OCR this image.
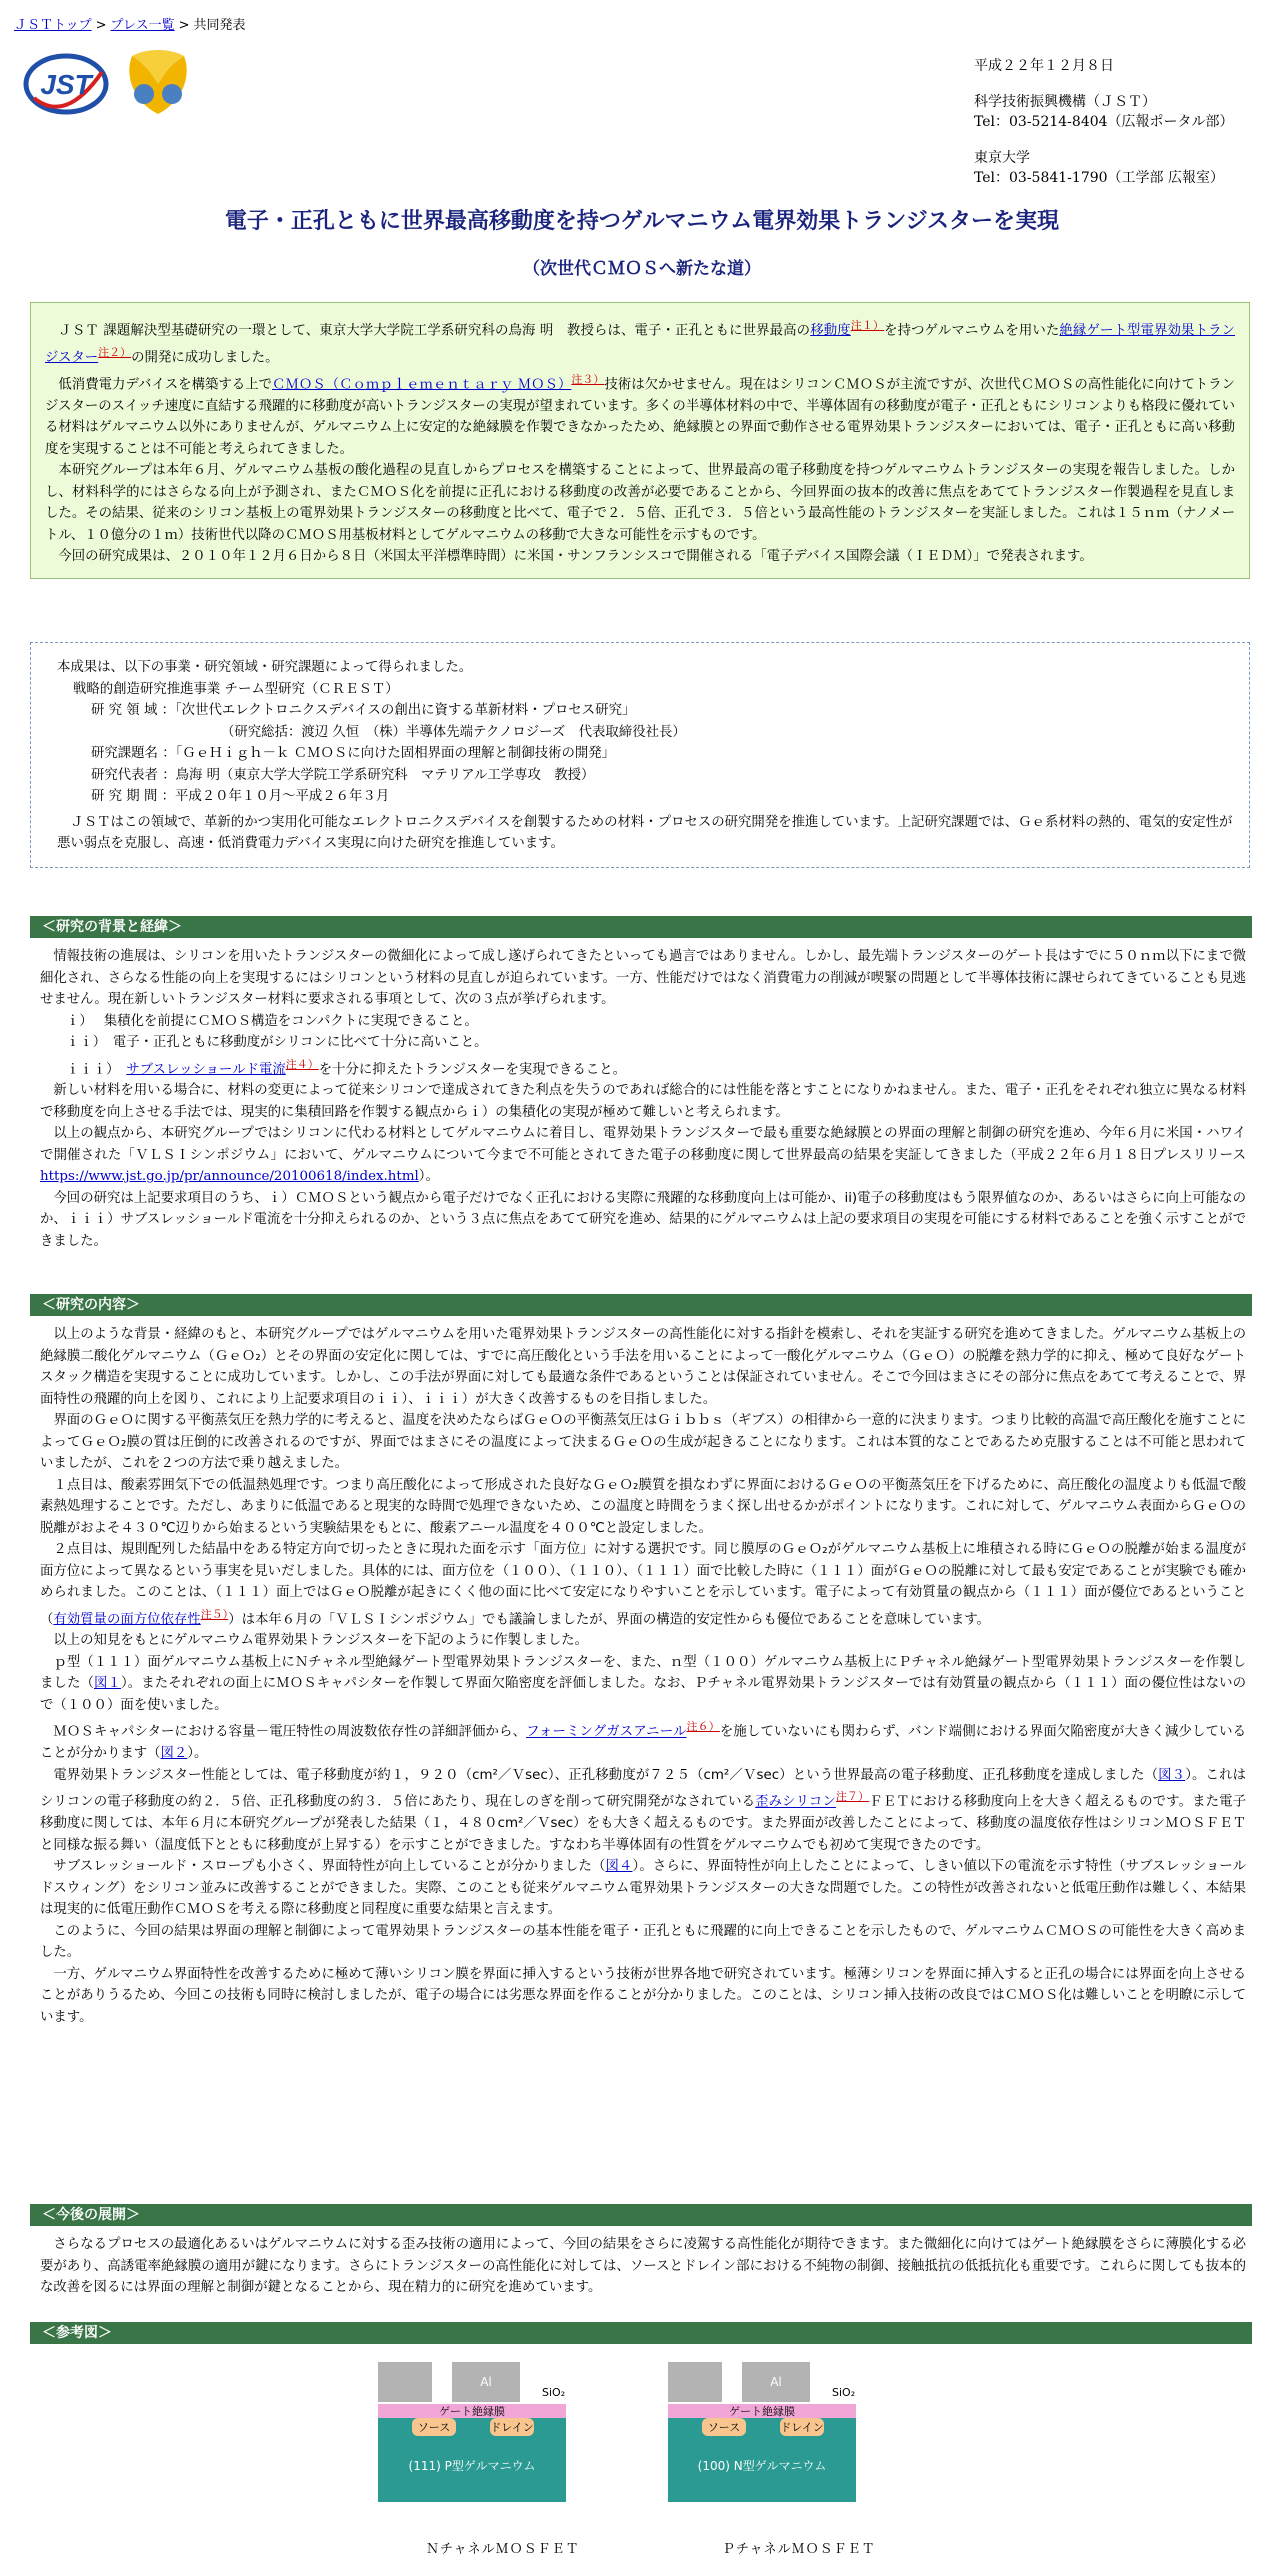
ＪＳＴトップ > プレス一覧 > 共同発表
JST
平成２２年１２月８日
科学技術振興機構（ＪＳＴ）
Tel：03-5214-8404（広報ポータル部）
東京大学
Tel：03-5841-1790（工学部 広報室）
電子・正孔ともに世界最高移動度を持つゲルマニウム電界効果トランジスターを実現
（次世代ＣＭＯＳへ新たな道）

ＪＳＴ 課題解決型基礎研究の一環として、東京大学大学院工学系研究科の鳥海 明　教授らは、電子・正孔ともに世界最高の移動度$^{注1)}$を持つゲルマニウムを用いた絶縁ゲート型電界効果トランジスター$^{注2)}$の開発に成功しました。

低消費電力デバイスを構築する上でＣＭＯＳ（Ｃｏｍｐｌｅｍｅｎｔａｒｙ ＭＯＳ）$^{注3)}$技術は欠かせません。現在はシリコンＣＭＯＳが主流ですが、次世代ＣＭＯＳの高性能化に向けてトランジスターのスイッチ速度に直結する飛躍的に移動度が高いトランジスターの実現が望まれています。多くの半導体材料の中で、半導体固有の移動度が電子・正孔ともにシリコンよりも格段に優れている材料はゲルマニウム以外にありませんが、ゲルマニウム上に安定的な絶縁膜を作製できなかったため、絶縁膜との界面で動作させる電界効果トランジスターにおいては、電子・正孔ともに高い移動度を実現することは不可能と考えられてきました。

本研究グループは本年６月、ゲルマニウム基板の酸化過程の見直しからプロセスを構築することによって、世界最高の電子移動度を持つゲルマニウムトランジスターの実現を報告しました。しかし、材料科学的にはさらなる向上が予測され、またＣＭＯＳ化を前提に正孔における移動度の改善が必要であることから、今回界面の抜本的改善に焦点をあててトランジスター作製過程を見直しました。その結果、従来のシリコン基板上の電界効果トランジスターの移動度と比べて、電子で２．５倍、正孔で３．５倍という最高性能のトランジスターを実証しました。これは１５ｎｍ（ナノメートル、１０億分の１ｍ）技術世代以降のＣＭＯＳ用基板材料としてゲルマニウムの移動で大きな可能性を示すものです。

今回の研究成果は、２０１０年１２月６日から８日（米国太平洋標準時間）に米国・サンフランシスコで開催される「電子デバイス国際会議（ＩＥＤＭ）」で発表されます。

本成果は、以下の事業・研究領域・研究課題によって得られました。
戦略的創造研究推進事業 チーム型研究（ＣＲＥＳＴ）
研 究 領 域 ：「次世代エレクトロニクスデバイスの創出に資する革新材料・プロセス研究」
（研究総括：渡辺 久恒　（株）半導体先端テクノロジーズ　代表取締役社長）
研究課題名 ：「ＧｅＨｉｇｈ－ｋ ＣＭＯＳに向けた固相界面の理解と制御技術の開発」
研究代表者 ：鳥海 明（東京大学大学院工学系研究科　マテリアル工学専攻　教授）
研 究 期 間 ：平成２０年１０月～平成２６年３月

ＪＳＴはこの領域で、革新的かつ実用化可能なエレクトロニクスデバイスを創製するための材料・プロセスの研究開発を推進しています。上記研究課題では、Ｇｅ系材料の熱的、電気的安定性が悪い弱点を克服し、高速・低消費電力デバイス実現に向けた研究を推進しています。

＜研究の背景と経緯＞

情報技術の進展は、シリコンを用いたトランジスターの微細化によって成し遂げられてきたといっても過言ではありません。しかし、最先端トランジスターのゲート長はすでに５０ｎｍ以下にまで微細化され、さらなる性能の向上を実現するにはシリコンという材料の見直しが迫られています。一方、性能だけではなく消費電力の削減が喫緊の問題として半導体技術に課せられてきていることも見逃せません。現在新しいトランジスター材料に要求される事項として、次の３点が挙げられます。

ｉ）　 集積化を前提にＣＭＯＳ構造をコンパクトに実現できること。

ｉｉ）　電子・正孔ともに移動度がシリコンに比べて十分に高いこと。

ｉｉｉ）　サブスレッショールド電流$^{注4)}$を十分に抑えたトランジスターを実現できること。

新しい材料を用いる場合に、材料の変更によって従来シリコンで達成されてきた利点を失うのであれば総合的には性能を落とすことになりかねません。また、電子・正孔をそれぞれ独立に異なる材料で移動度を向上させる手法では、現実的に集積回路を作製する観点からｉ）の集積化の実現が極めて難しいと考えられます。

以上の観点から、本研究グループではシリコンに代わる材料としてゲルマニウムに着目し、電界効果トランジスターで最も重要な絶縁膜との界面の理解と制御の研究を進め、今年６月に米国・ハワイで開催された「ＶＬＳＩシンポジウム」において、ゲルマニウムについて今まで不可能とされてきた電子の移動度に関して世界最高の結果を実証してきました（平成２２年６月１８日プレスリリース　https://www.jst.go.jp/pr/announce/20100618/index.html）。

今回の研究は上記要求項目のうち、ｉ）ＣＭＯＳという観点から電子だけでなく正孔における実際に飛躍的な移動度向上は可能か、ii)電子の移動度はもう限界値なのか、あるいはさらに向上可能なのか、ｉｉｉ）サブスレッショールド電流を十分抑えられるのか、という３点に焦点をあてて研究を進め、結果的にゲルマニウムは上記の要求項目の実現を可能にする材料であることを強く示すことができました。

＜研究の内容＞

以上のような背景・経緯のもと、本研究グループではゲルマニウムを用いた電界効果トランジスターの高性能化に対する指針を模索し、それを実証する研究を進めてきました。ゲルマニウム基板上の絶縁膜二酸化ゲルマニウム（ＧｅＯ₂）とその界面の安定化に関しては、すでに高圧酸化という手法を用いることによって一酸化ゲルマニウム（ＧｅＯ）の脱離を熱力学的に抑え、極めて良好なゲートスタック構造を実現することに成功しています。しかし、この手法が界面に対しても最適な条件であるということは保証されていません。そこで今回はまさにその部分に焦点をあてて考えることで、界面特性の飛躍的向上を図り、これにより上記要求項目のｉｉ）、ｉｉｉ）が大きく改善するものを目指しました。

界面のＧｅＯに関する平衡蒸気圧を熱力学的に考えると、温度を決めたならばＧｅＯの平衡蒸気圧はＧｉｂｂｓ（ギブス）の相律から一意的に決まります。つまり比較的高温で高圧酸化を施すことによってＧｅＯ₂膜の質は圧倒的に改善されるのですが、界面ではまさにその温度によって決まるＧｅＯの生成が起きることになります。これは本質的なことであるため克服することは不可能と思われていましたが、これを２つの方法で乗り越えました。

１点目は、酸素雰囲気下での低温熱処理です。つまり高圧酸化によって形成された良好なＧｅＯ₂膜質を損なわずに界面におけるＧｅＯの平衡蒸気圧を下げるために、高圧酸化の温度よりも低温で酸素熱処理することです。ただし、あまりに低温であると現実的な時間で処理できないため、この温度と時間をうまく探し出せるかがポイントになります。これに対して、ゲルマニウム表面からＧｅＯの脱離がおよそ４３０℃辺りから始まるという実験結果をもとに、酸素アニール温度を４００℃と設定しました。

２点目は、規則配列した結晶中をある特定方向で切ったときに現れた面を示す「面方位」に対する選択です。同じ膜厚のＧｅＯ₂がゲルマニウム基板上に堆積される時にＧｅＯの脱離が始まる温度が面方位によって異なるという事実を見いだしました。具体的には、面方位を（１００）、（１１０）、（１１１）面で比較した時に（１１１）面がＧｅＯの脱離に対して最も安定であることが実験でも確かめられました。このことは、（１１１）面上ではＧｅＯ脱離が起きにくく他の面に比べて安定になりやすいことを示しています。電子によって有効質量の観点から（１１１）面が優位であるということ（有効質量の面方位依存性$^{注5)}$）は本年６月の「ＶＬＳＩシンポジウム」でも議論しましたが、界面の構造的安定性からも優位であることを意味しています。

以上の知見をもとにゲルマニウム電界効果トランジスターを下記のように作製しました。

ｐ型（１１１）面ゲルマニウム基板上にＮチャネル型絶縁ゲート型電界効果トランジスターを、また、ｎ型（１００）ゲルマニウム基板上にＰチャネル絶縁ゲート型電界効果トランジスターを作製しました（図１）。またそれぞれの面上にＭＯＳキャパシターを作製して界面欠陥密度を評価しました。なお、Ｐチャネル電界効果トランジスターでは有効質量の観点から（１１１）面の優位性はないので（１００）面を使いました。

ＭＯＳキャパシターにおける容量－電圧特性の周波数依存性の詳細評価から、フォーミングガスアニール$^{注6)}$を施していないにも関わらず、バンド端側における界面欠陥密度が大きく減少していることが分かります（図２）。

電界効果トランジスター性能としては、電子移動度が約１，９２０（cm²／Ｖsec）、正孔移動度が７２５（cm²／Ｖsec）という世界最高の電子移動度、正孔移動度を達成しました（図３）。これはシリコンの電子移動度の約２．５倍、正孔移動度の約３．５倍にあたり、現在しのぎを削って研究開発がなされている歪みシリコン$^{注7)}$ＦＥＴにおける移動度向上を大きく超えるものです。また電子移動度に関しては、本年６月に本研究グループが発表した結果（１，４８０cm²／Ｖsec）をも大きく超えるものです。また界面が改善したことによって、移動度の温度依存性はシリコンＭＯＳＦＥＴと同様な振る舞い（温度低下とともに移動度が上昇する）を示すことができました。すなわち半導体固有の性質をゲルマニウムでも初めて実現できたのです。

サブスレッショールド・スロープも小さく、界面特性が向上していることが分かりました（図４）。さらに、界面特性が向上したことによって、しきい値以下の電流を示す特性（サブスレッショールドスウィング）をシリコン並みに改善することができました。実際、このことも従来ゲルマニウム電界効果トランジスターの大きな問題でした。この特性が改善されないと低電圧動作は難しく、本結果は現実的に低電圧動作ＣＭＯＳを考える際に移動度と同程度に重要な結果と言えます。

このように、今回の結果は界面の理解と制御によって電界効果トランジスターの基本性能を電子・正孔ともに飛躍的に向上できることを示したもので、ゲルマニウムＣＭＯＳの可能性を大きく高めました。

一方、ゲルマニウム界面特性を改善するために極めて薄いシリコン膜を界面に挿入するという技術が世界各地で研究されています。極薄シリコンを界面に挿入すると正孔の場合には界面を向上させることがありうるため、今回この技術も同時に検討しましたが、電子の場合には劣悪な界面を作ることが分かりました。このことは、シリコン挿入技術の改良ではＣＭＯＳ化は難しいことを明瞭に示しています。

＜今後の展開＞

さらなるプロセスの最適化あるいはゲルマニウムに対する歪み技術の適用によって、今回の結果をさらに凌駕する高性能化が期待できます。また微細化に向けてはゲート絶縁膜をさらに薄膜化する必要があり、高誘電率絶縁膜の適用が鍵になります。さらにトランジスターの高性能化に対しては、ソースとドレイン部における不純物の制御、接触抵抗の低抵抗化も重要です。これらに関しても抜本的な改善を図るには界面の理解と制御が鍵となることから、現在精力的に研究を進めています。

＜参考図＞
Al
SiO₂
ゲート絶縁膜
ソース	ドレイン
(111) P型ゲルマニウム
Al
SiO₂
ゲート絶縁膜
ソース	ドレイン
(100) N型ゲルマニウム
ＮチャネルＭＯＳＦＥＴ	ＰチャネルＭＯＳＦＥＴ
